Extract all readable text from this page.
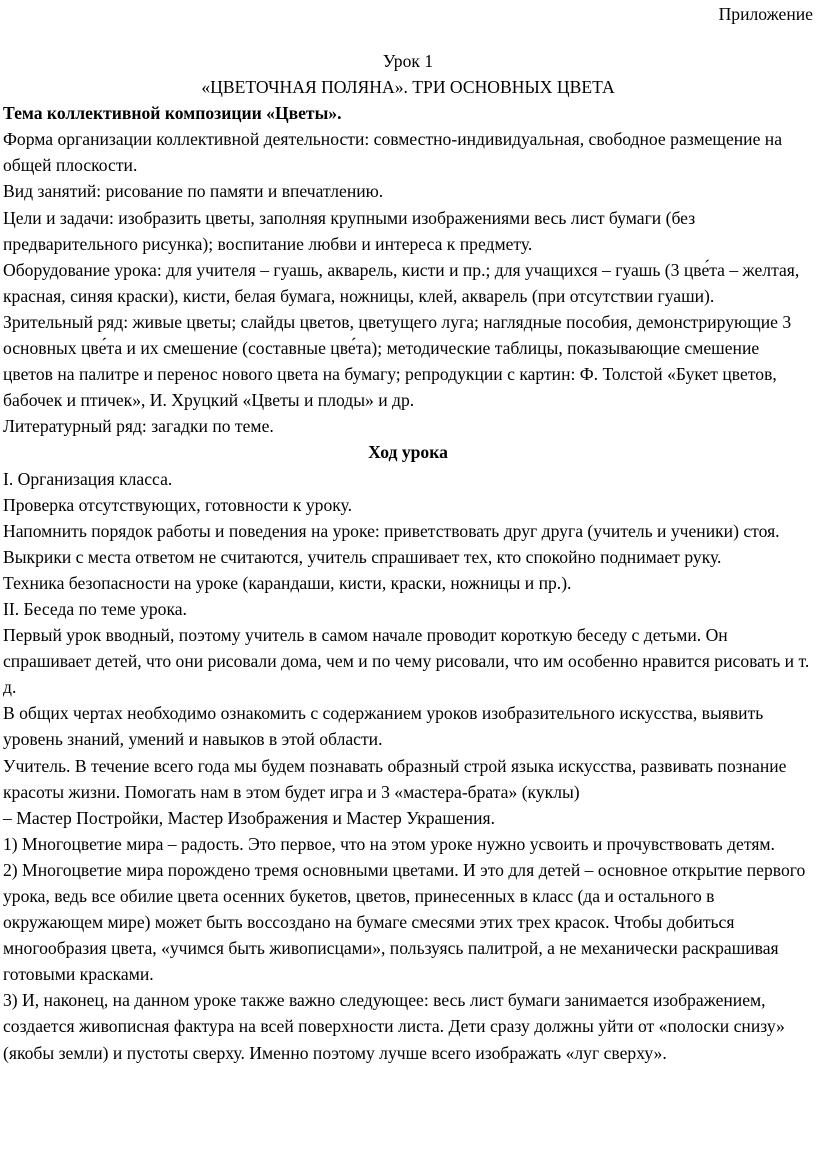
Приложение

Урок 1

«ЦВЕТОЧНАЯ ПОЛЯНА». ТРИ ОСНОВНЫХ ЦВЕТА

Тема коллективной композиции «Цветы».

Форма организации коллективной деятельности: совместно-индивидуальная, свободное размещение на общей плоскости.

Вид занятий: рисование по памяти и впечатлению.

Цели и задачи: изобразить цветы, заполняя крупными изображениями весь лист бумаги (без предварительного рисунка); воспитание любви и интереса к предмету.

Оборудование урока: для учителя – гуашь, акварель, кисти и пр.; для учащихся – гуашь (3 цве́та – желтая, красная, синяя краски), кисти, белая бумага, ножницы, клей, акварель (при отсутствии гуаши).

Зрительный ряд: живые цветы; слайды цветов, цветущего луга; наглядные пособия, демонстрирующие 3 основных цве́та и их смешение (составные цве́та); методические таблицы, показывающие смешение цветов на палитре и перенос нового цвета на бумагу; репродукции с картин: Ф. Толстой «Букет цветов, бабочек и птичек», И. Хруцкий «Цветы и плоды» и др.

Литературный ряд: загадки по теме.

Ход урока

I. Организация класса.

Проверка отсутствующих, готовности к уроку.

Напомнить порядок работы и поведения на уроке: приветствовать друг друга (учитель и ученики) стоя. Выкрики с места ответом не считаются, учитель спрашивает тех, кто спокойно поднимает руку.

Техника безопасности на уроке (карандаши, кисти, краски, ножницы и пр.).

II. Беседа по теме урока.

Первый урок вводный, поэтому учитель в самом начале проводит короткую беседу с детьми. Он спрашивает детей, что они рисовали дома, чем и по чему рисовали, что им особенно нравится рисовать и т. д.

В общих чертах необходимо ознакомить с содержанием уроков изобразительного искусства, выявить уровень знаний, умений и навыков в этой области.

Учитель. В течение всего года мы будем познавать образный строй языка искусства, развивать познание красоты жизни. Помогать нам в этом будет игра и 3 «мастера-брата» (куклы)

– Мастер Постройки, Мастер Изображения и Мастер Украшения.

1) Многоцветие мира – радость. Это первое, что на этом уроке нужно усвоить и прочувствовать детям.

2) Многоцветие мира порождено тремя основными цветами. И это для детей – основное открытие первого урока, ведь все обилие цвета осенних букетов, цветов, принесенных в класс (да и остального в окружающем мире) может быть воссоздано на бумаге смесями этих трех красок. Чтобы добиться многообразия цвета, «учимся быть живописцами», пользуясь палитрой, а не механически раскрашивая готовыми красками.

3) И, наконец, на данном уроке также важно следующее: весь лист бумаги занимается изображением, создается живописная фактура на всей поверхности листа. Дети сразу должны уйти от «полоски снизу» (якобы земли) и пустоты сверху. Именно поэтому лучше всего изображать «луг сверху».
